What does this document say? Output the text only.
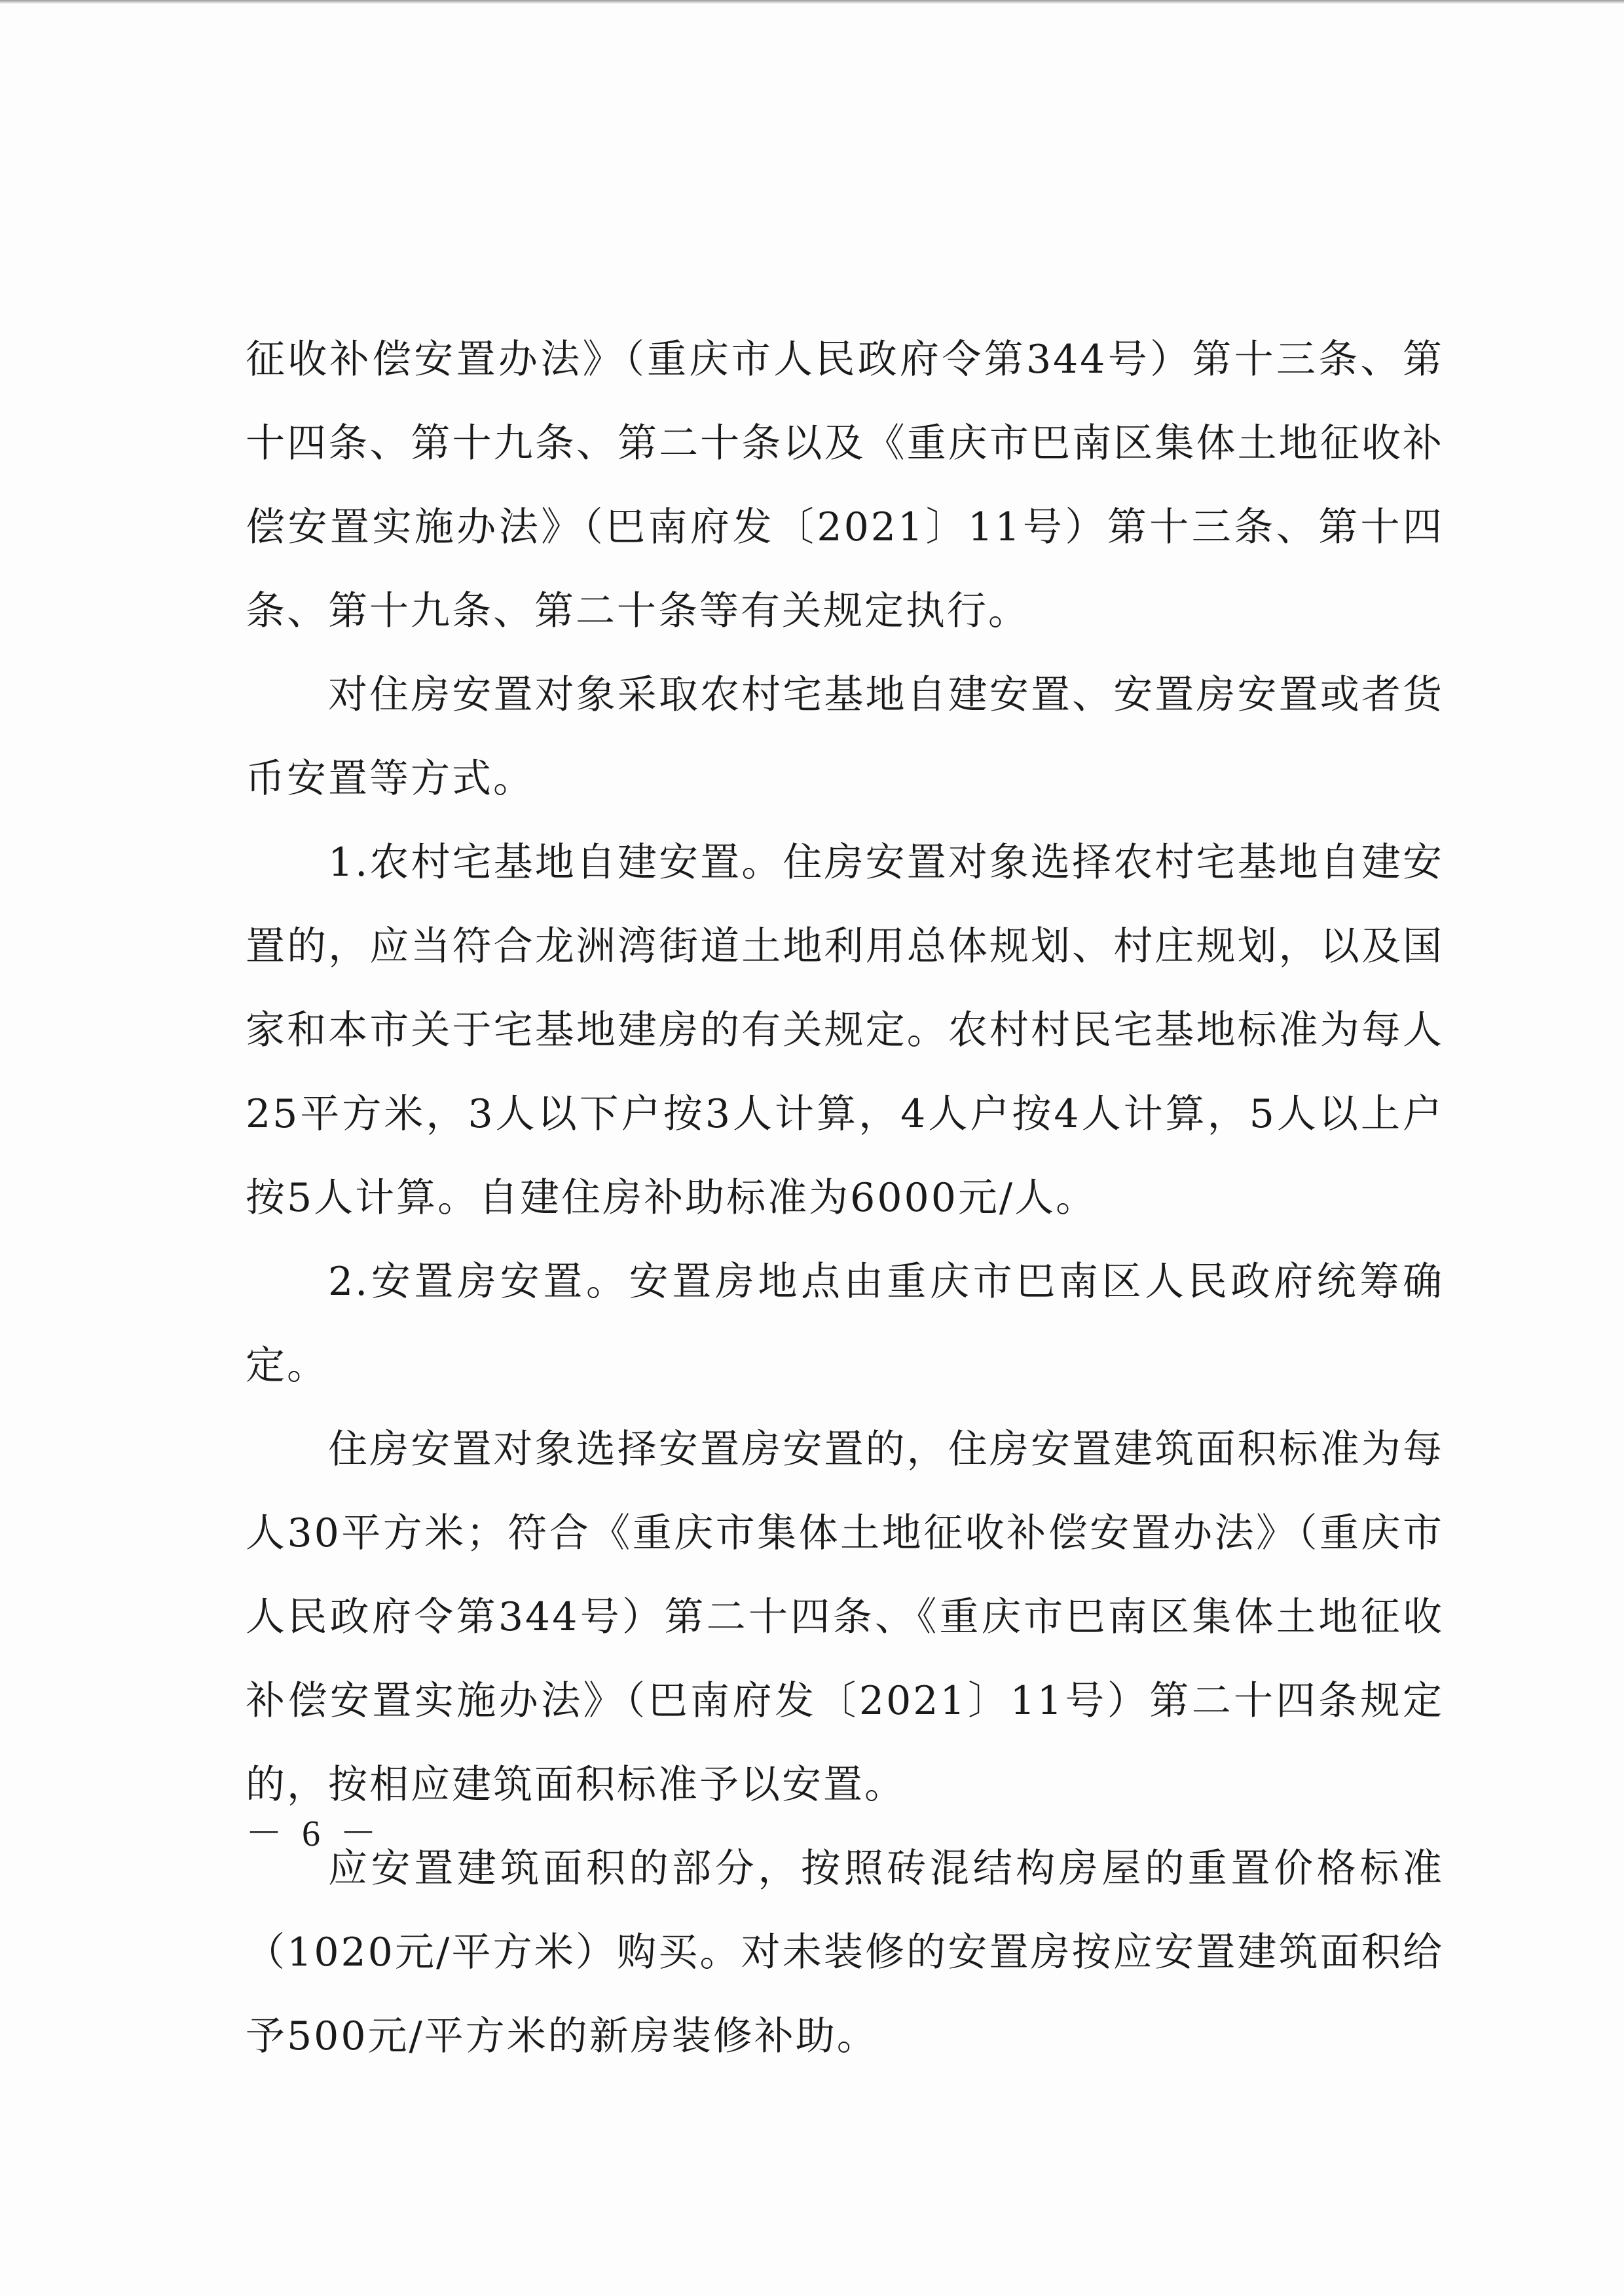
征收补偿安置办法》（重庆市人民政府令第344号）第十三条、第十四条、第十九条、第二十条以及《重庆市巴南区集体土地征收补偿安置实施办法》（巴南府发〔2021〕11号）第十三条、第十四条、第十九条、第二十条等有关规定执行。

对住房安置对象采取农村宅基地自建安置、安置房安置或者货币安置等方式。

1.农村宅基地自建安置。住房安置对象选择农村宅基地自建安置的，应当符合龙洲湾街道土地利用总体规划、村庄规划，以及国家和本市关于宅基地建房的有关规定。农村村民宅基地标准为每人25平方米，3人以下户按3人计算，4人户按4人计算，5人以上户按5人计算。自建住房补助标准为6000元/人。

2.安置房安置。安置房地点由重庆市巴南区人民政府统筹确定。

住房安置对象选择安置房安置的，住房安置建筑面积标准为每人30平方米；符合《重庆市集体土地征收补偿安置办法》（重庆市人民政府令第344号）第二十四条、《重庆市巴南区集体土地征收补偿安置实施办法》（巴南府发〔2021〕11号）第二十四条规定的，按相应建筑面积标准予以安置。

应安置建筑面积的部分，按照砖混结构房屋的重置价格标准（1020元/平方米）购买。对未装修的安置房按应安置建筑面积给予500元/平方米的新房装修补助。

－ 6 －
